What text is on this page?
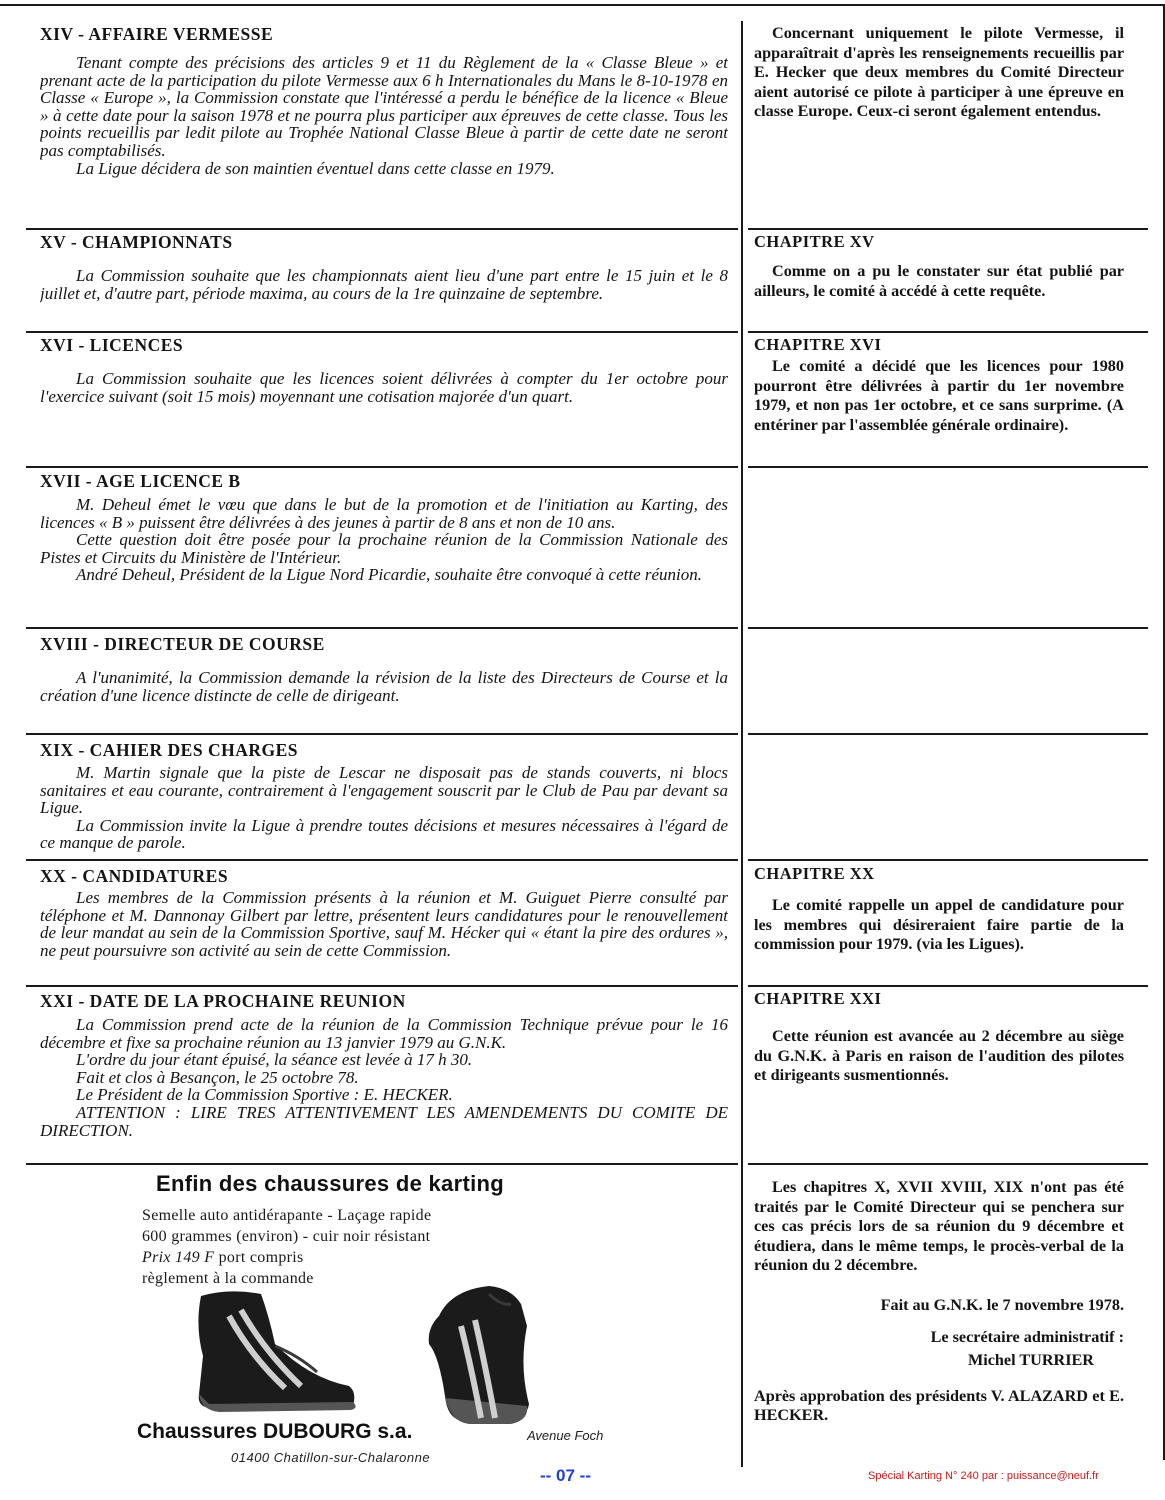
XIV - AFFAIRE VERMESSE

Tenant compte des précisions des articles 9 et 11 du Règlement de la « Classe Bleue » et prenant acte de la participation du pilote Vermesse aux 6 h Internationales du Mans le 8-10-1978 en Classe « Europe », la Commission constate que l'intéressé a perdu le bénéfice de la licence « Bleue » à cette date pour la saison 1978 et ne pourra plus participer aux épreuves de cette classe. Tous les points recueillis par ledit pilote au Trophée National Classe Bleue à partir de cette date ne seront pas comptabilisés.

La Ligue décidera de son maintien éventuel dans cette classe en 1979.

Concernant uniquement le pilote Vermesse, il apparaîtrait d'après les renseignements recueillis par E. Hecker que deux membres du Comité Directeur aient autorisé ce pilote à participer à une épreuve en classe Europe. Ceux-ci seront également entendus.

XV - CHAMPIONNATS

La Commission souhaite que les championnats aient lieu d'une part entre le 15 juin et le 8 juillet et, d'autre part, période maxima, au cours de la 1re quinzaine de septembre.

CHAPITRE XV

Comme on a pu le constater sur état publié par ailleurs, le comité à accédé à cette requête.

XVI - LICENCES

La Commission souhaite que les licences soient délivrées à compter du 1er octobre pour l'exercice suivant (soit 15 mois) moyennant une cotisation majorée d'un quart.

CHAPITRE XVI

Le comité a décidé que les licences pour 1980 pourront être délivrées à partir du 1er novembre 1979, et non pas 1er octobre, et ce sans surprime. (A entériner par l'assemblée générale ordinaire).

XVII - AGE LICENCE B

M. Deheul émet le vœu que dans le but de la promotion et de l'initiation au Karting, des licences « B » puissent être délivrées à des jeunes à partir de 8 ans et non de 10 ans.

Cette question doit être posée pour la prochaine réunion de la Commission Nationale des Pistes et Circuits du Ministère de l'Intérieur.

André Deheul, Président de la Ligue Nord Picardie, souhaite être convoqué à cette réunion.

XVIII - DIRECTEUR DE COURSE

A l'unanimité, la Commission demande la révision de la liste des Directeurs de Course et la création d'une licence distincte de celle de dirigeant.

XIX - CAHIER DES CHARGES

M. Martin signale que la piste de Lescar ne disposait pas de stands couverts, ni blocs sanitaires et eau courante, contrairement à l'engagement souscrit par le Club de Pau par devant sa Ligue.

La Commission invite la Ligue à prendre toutes décisions et mesures nécessaires à l'égard de ce manque de parole.

XX - CANDIDATURES

Les membres de la Commission présents à la réunion et M. Guiguet Pierre consulté par téléphone et M. Dannonay Gilbert par lettre, présentent leurs candidatures pour le renouvellement de leur mandat au sein de la Commission Sportive, sauf M. Hécker qui « étant la pire des ordures », ne peut poursuivre son activité au sein de cette Commission.

CHAPITRE XX

Le comité rappelle un appel de candidature pour les membres qui désireraient faire partie de la commission pour 1979. (via les Ligues).

XXI - DATE DE LA PROCHAINE REUNION

La Commission prend acte de la réunion de la Commission Technique prévue pour le 16 décembre et fixe sa prochaine réunion au 13 janvier 1979 au G.N.K.

L'ordre du jour étant épuisé, la séance est levée à 17 h 30.

Fait et clos à Besançon, le 25 octobre 78.

Le Président de la Commission Sportive : E. HECKER.

ATTENTION : LIRE TRES ATTENTIVEMENT LES AMENDEMENTS DU COMITE DE DIRECTION.

CHAPITRE XXI

Cette réunion est avancée au 2 décembre au siège du G.N.K. à Paris en raison de l'audition des pilotes et dirigeants susmentionnés.

Enfin des chaussures de karting
Semelle auto antidérapante - Laçage rapide
600 grammes (environ) - cuir noir résistant
Prix 149 F port compris
règlement à la commande
Chaussures DUBOURG s.a.	Avenue Foch
01400 Chatillon-sur-Chalaronne

Les chapitres X, XVII XVIII, XIX n'ont pas été traités par le Comité Directeur qui se penchera sur ces cas précis lors de sa réunion du 9 décembre et étudiera, dans le même temps, le procès-verbal de la réunion du 2 décembre.

Fait au G.N.K. le 7 novembre 1978.

Le secrétaire administratif :

Michel TURRIER

Après approbation des présidents V. ALAZARD et E. HECKER.

-- 07 --	Spécial Karting N° 240 par : puissance@neuf.fr
